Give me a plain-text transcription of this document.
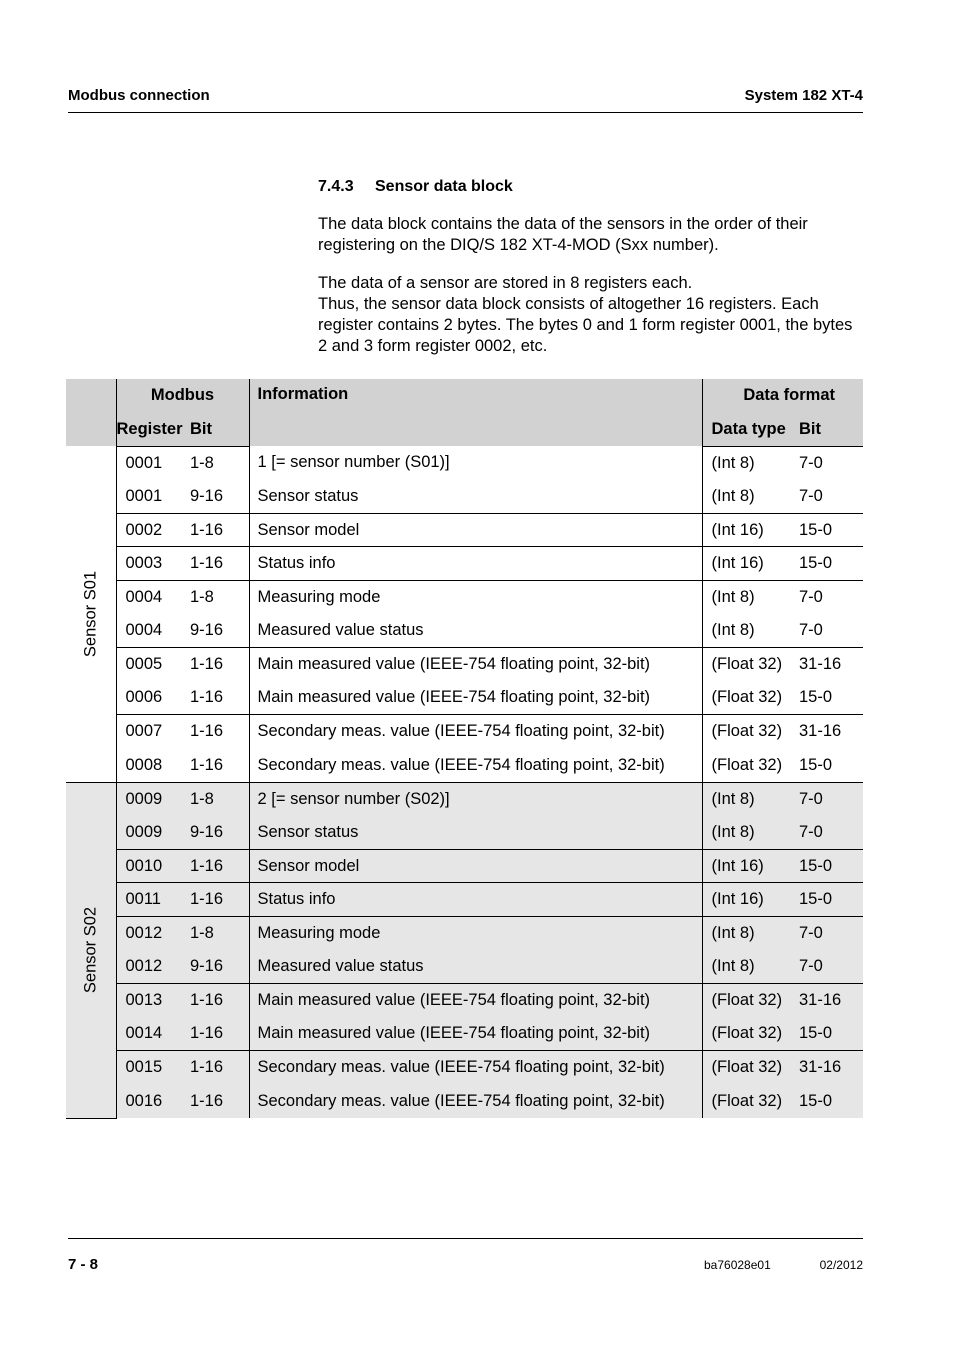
Modbus connection	System 182 XT-4
7.4.3 Sensor data block

The data block contains the data of the sensors in the order of their registering on the DIQ/S 182 XT-4-MOD (Sxx number).

The data of a sensor are stored in 8 registers each.
Thus, the sensor data block consists of altogether 16 registers. Each register contains 2 bytes. The bytes 0 and 1 form register 0001, the bytes 2 and 3 form register 0002, etc.

	Modbus		Information	Data format	
	Register	Bit		Data type	Bit

Sensor S01	0001	1-8	1 [= sensor number (S01)]	(Int 8)	7-0
	0001	9-16	Sensor status	(Int 8)	7-0
	0002	1-16	Sensor model	(Int 16)	15-0
	0003	1-16	Status info	(Int 16)	15-0
	0004	1-8	Measuring mode	(Int 8)	7-0
	0004	9-16	Measured value status	(Int 8)	7-0
	0005	1-16	Main measured value (IEEE-754 floating point, 32-bit)	(Float 32)	31-16
	0006	1-16	Main measured value (IEEE-754 floating point, 32-bit)	(Float 32)	15-0
	0007	1-16	Secondary meas. value (IEEE-754 floating point, 32-bit)	(Float 32)	31-16
	0008	1-16	Secondary meas. value (IEEE-754 floating point, 32-bit)	(Float 32)	15-0

Sensor S02	0009	1-8	2 [= sensor number (S02)]	(Int 8)	7-0
	0009	9-16	Sensor status	(Int 8)	7-0
	0010	1-16	Sensor model	(Int 16)	15-0
	0011	1-16	Status info	(Int 16)	15-0
	0012	1-8	Measuring mode	(Int 8)	7-0
	0012	9-16	Measured value status	(Int 8)	7-0
	0013	1-16	Main measured value (IEEE-754 floating point, 32-bit)	(Float 32)	31-16
	0014	1-16	Main measured value (IEEE-754 floating point, 32-bit)	(Float 32)	15-0
	0015	1-16	Secondary meas. value (IEEE-754 floating point, 32-bit)	(Float 32)	31-16
	0016	1-16	Secondary meas. value (IEEE-754 floating point, 32-bit)	(Float 32)	15-0
7 - 8	ba76028e01	02/2012
